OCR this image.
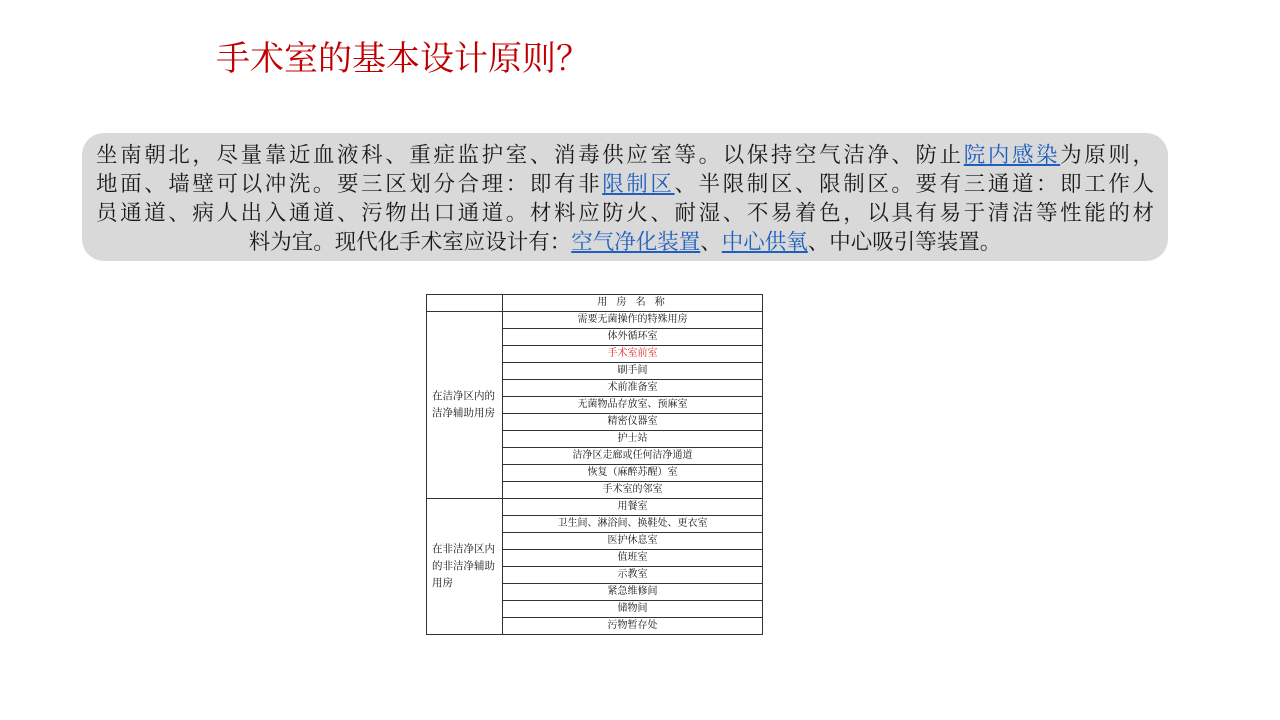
手术室的基本设计原则？
坐南朝北，尽量靠近血液科、重症监护室、消毒供应室等。以保持空气洁净、防止院内感染为原则，
地面、墙壁可以冲洗。要三区划分合理：即有非限制区、半限制区、限制区。要有三通道：即工作人
员通道、病人出入通道、污物出口通道。材料应防火、耐湿、不易着色，以具有易于清洁等性能的材
料为宜。现代化手术室应设计有：空气净化装置、中心供氧、中心吸引等装置。
	用 房 名 称
在洁净区内的洁净辅助用房	需要无菌操作的特殊用房
	体外循环室
	手术室前室
	刷手间
	术前准备室
	无菌物品存放室、预麻室
	精密仪器室
	护士站
	洁净区走廊或任何洁净通道
	恢复（麻醉苏醒）室
	手术室的邻室
在非洁净区内的非洁净辅助用房	用餐室
	卫生间、淋浴间、换鞋处、更衣室
	医护休息室
	值班室
	示教室
	紧急维修间
	储物间
	污物暂存处
